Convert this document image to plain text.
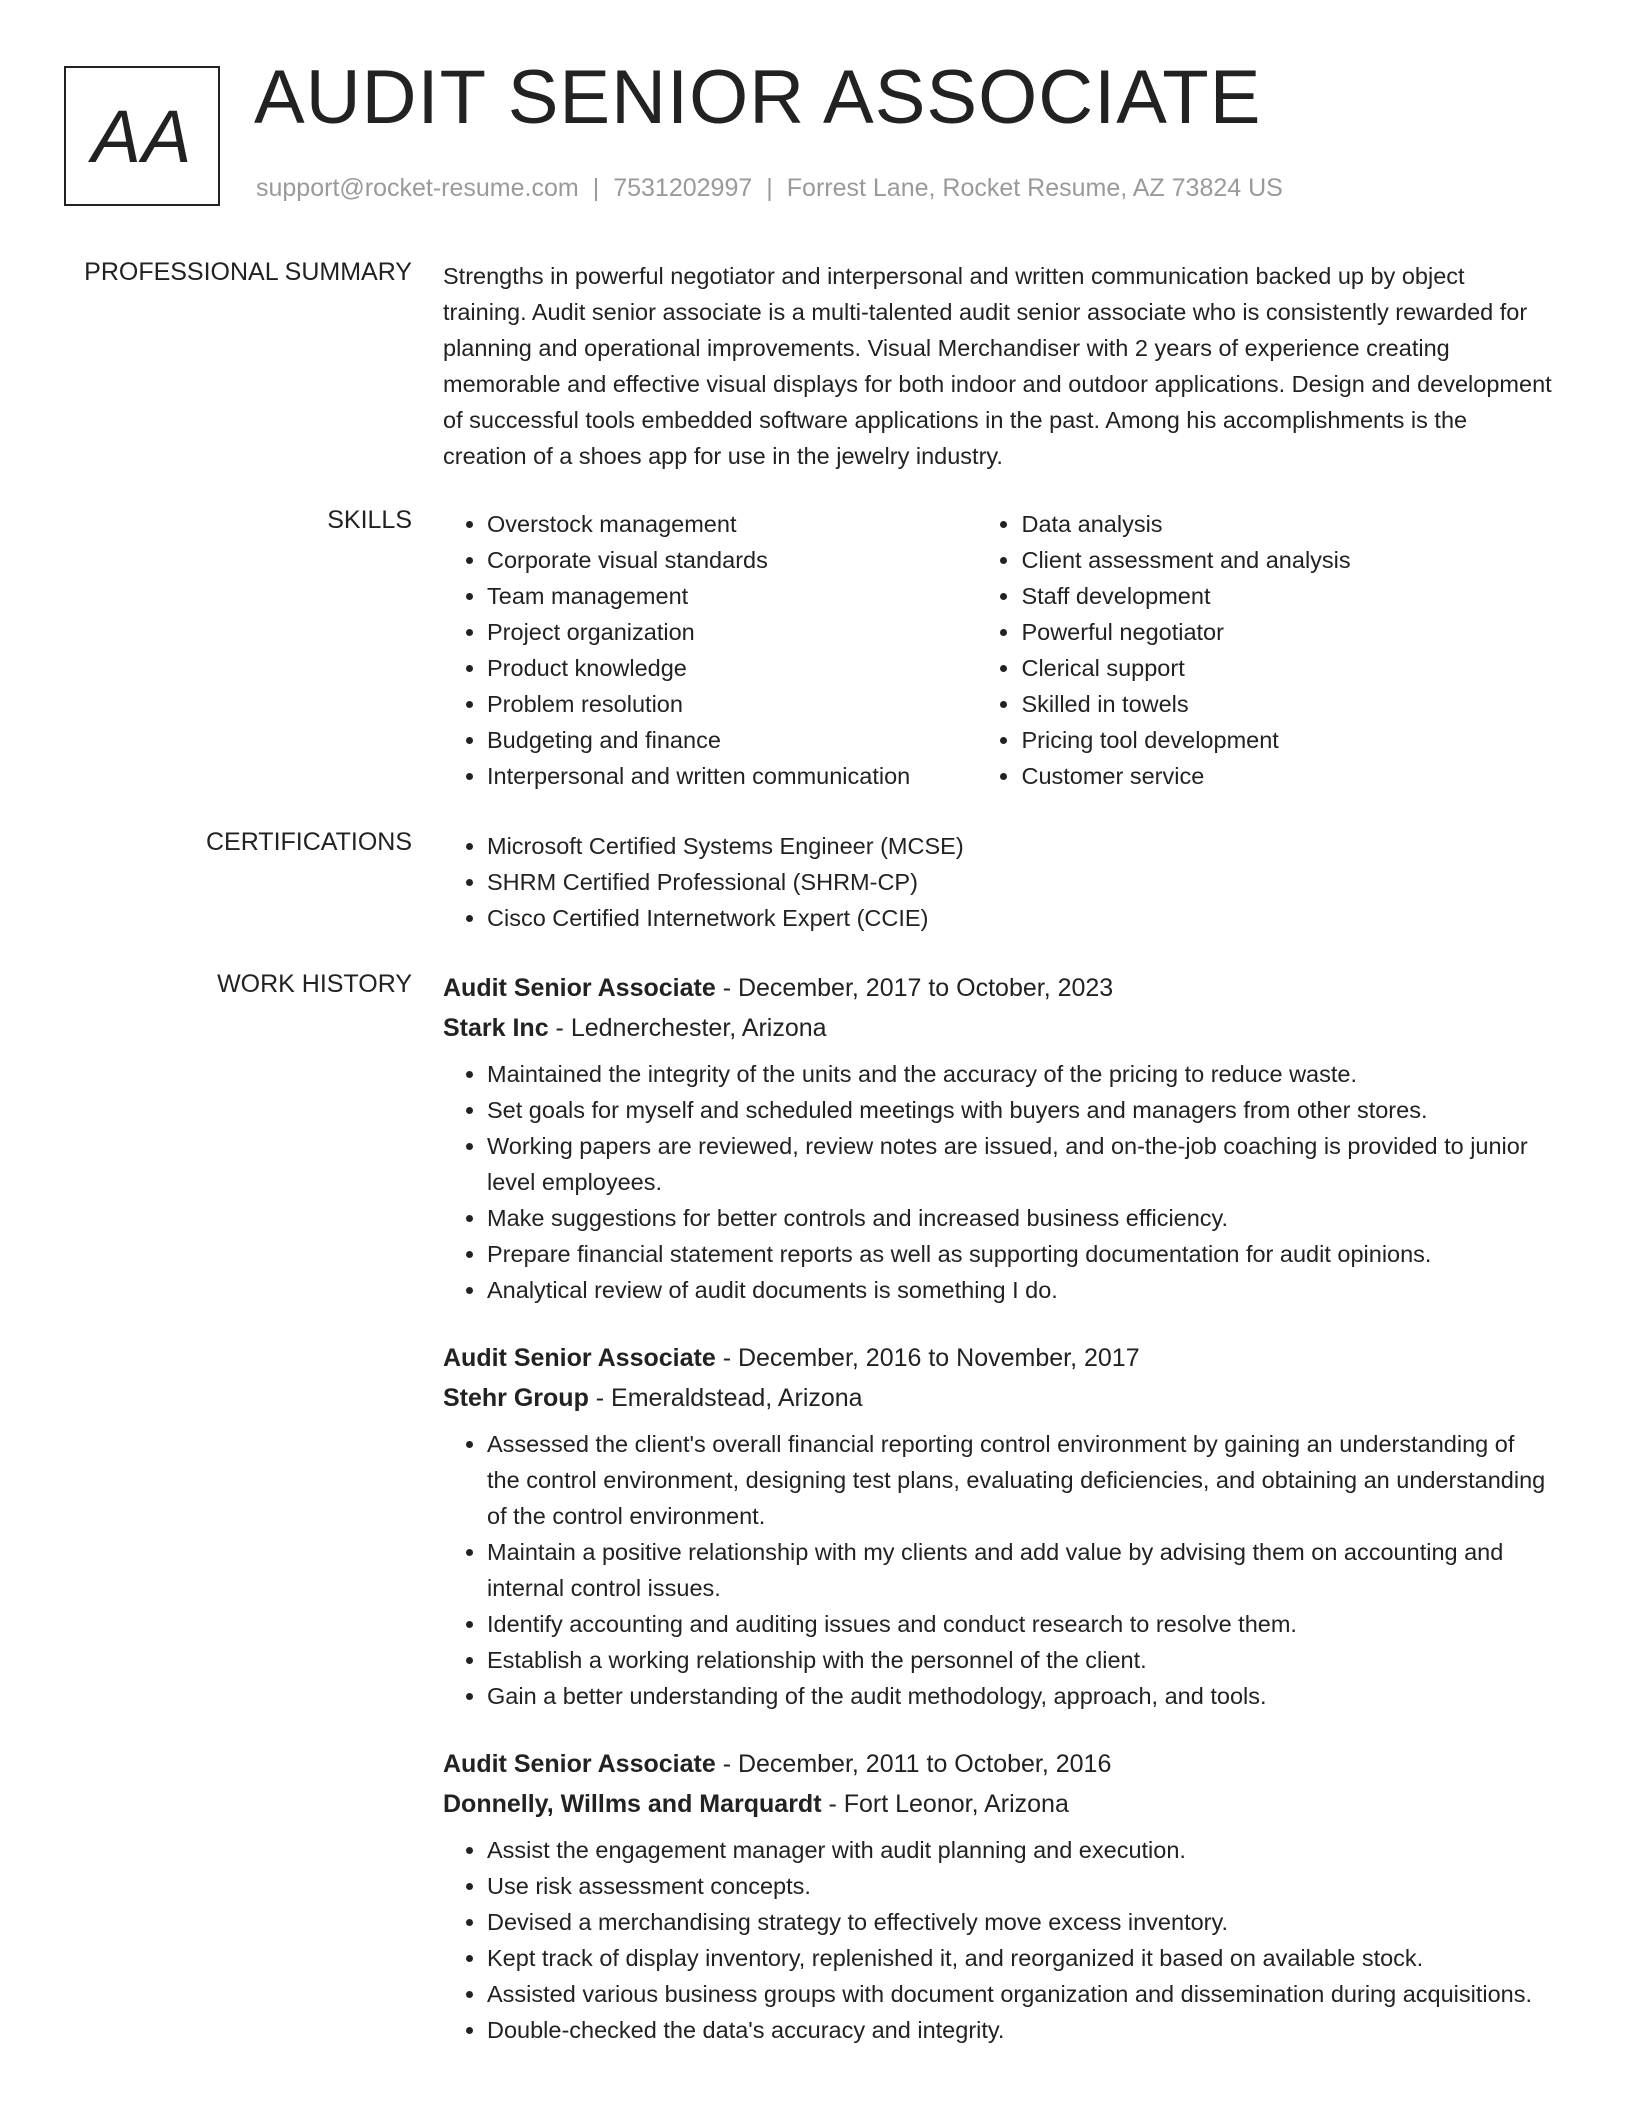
AA AUDIT SENIOR ASSOCIATE
support@rocket-resume.com | 7531202997 | Forrest Lane, Rocket Resume, AZ 73824 US
PROFESSIONAL SUMMARY Strengths in powerful negotiator and interpersonal and written communication backed up by object training. Audit senior associate is a multi-talented audit senior associate who is consistently rewarded for planning and operational improvements. Visual Merchandiser with 2 years of experience creating memorable and effective visual displays for both indoor and outdoor applications. Design and development of successful tools embedded software applications in the past. Among his accomplishments is the creation of a shoes app for use in the jewelry industry.

SKILLS	• Overstock management
• Corporate visual standards
• Team management
• Project organization
• Product knowledge
• Problem resolution
• Budgeting and finance
• Interpersonal and written communication
• Data analysis
• Client assessment and analysis
• Staff development
• Powerful negotiator
• Clerical support
• Skilled in towels
• Pricing tool development
• Customer service
CERTIFICATIONS	• Microsoft Certified Systems Engineer (MCSE)
• SHRM Certified Professional (SHRM-CP)
• Cisco Certified Internetwork Expert (CCIE)
WORK HISTORY Audit Senior Associate - December, 2017 to October, 2023
Stark Inc - Lednerchester, Arizona
• Maintained the integrity of the units and the accuracy of the pricing to reduce waste.
• Set goals for myself and scheduled meetings with buyers and managers from other stores.
• Working papers are reviewed, review notes are issued, and on-the-job coaching is provided to junior level employees.
• Make suggestions for better controls and increased business efficiency.
• Prepare financial statement reports as well as supporting documentation for audit opinions.
• Analytical review of audit documents is something I do.
Audit Senior Associate - December, 2016 to November, 2017
Stehr Group - Emeraldstead, Arizona
• Assessed the client's overall financial reporting control environment by gaining an understanding of the control environment, designing test plans, evaluating deficiencies, and obtaining an understanding of the control environment.
• Maintain a positive relationship with my clients and add value by advising them on accounting and internal control issues.
• Identify accounting and auditing issues and conduct research to resolve them.
• Establish a working relationship with the personnel of the client.
• Gain a better understanding of the audit methodology, approach, and tools.
Audit Senior Associate - December, 2011 to October, 2016
Donnelly, Willms and Marquardt - Fort Leonor, Arizona
• Assist the engagement manager with audit planning and execution.
• Use risk assessment concepts.
• Devised a merchandising strategy to effectively move excess inventory.
• Kept track of display inventory, replenished it, and reorganized it based on available stock.
• Assisted various business groups with document organization and dissemination during acquisitions.
• Double-checked the data's accuracy and integrity.
